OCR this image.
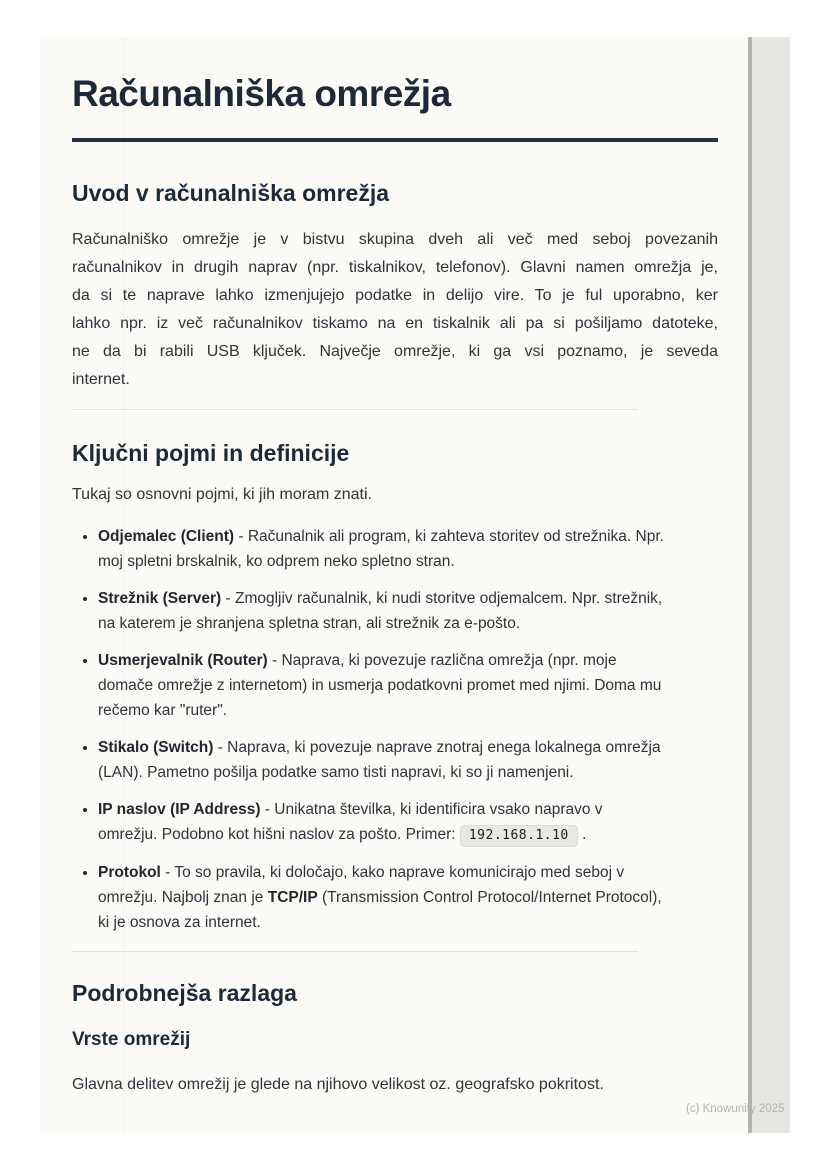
Računalniška omrežja
Uvod v računalniška omrežja

Računalniško omrežje je v bistvu skupina dveh ali več med seboj povezanih računalnikov in drugih naprav (npr. tiskalnikov, telefonov). Glavni namen omrežja je, da si te naprave lahko izmenjujejo podatke in delijo vire. To je ful uporabno, ker lahko npr. iz več računalnikov tiskamo na en tiskalnik ali pa si pošiljamo datoteke, ne da bi rabili USB ključek. Največje omrežje, ki ga vsi poznamo, je seveda internet.

Ključni pojmi in definicije

Tukaj so osnovni pojmi, ki jih moram znati.

• Odjemalec (Client) - Računalnik ali program, ki zahteva storitev od strežnika. Npr. moj spletni brskalnik, ko odprem neko spletno stran.
• Strežnik (Server) - Zmogljiv računalnik, ki nudi storitve odjemalcem. Npr. strežnik, na katerem je shranjena spletna stran, ali strežnik za e-pošto.
• Usmerjevalnik (Router) - Naprava, ki povezuje različna omrežja (npr. moje domače omrežje z internetom) in usmerja podatkovni promet med njimi. Doma mu rečemo kar "ruter".
• Stikalo (Switch) - Naprava, ki povezuje naprave znotraj enega lokalnega omrežja (LAN). Pametno pošilja podatke samo tisti napravi, ki so ji namenjeni.
• IP naslov (IP Address) - Unikatna številka, ki identificira vsako napravo v omrežju. Podobno kot hišni naslov za pošto. Primer: 192.168.1.10 .
• Protokol - To so pravila, ki določajo, kako naprave komunicirajo med seboj v omrežju. Najbolj znan je TCP/IP (Transmission Control Protocol/Internet Protocol), ki je osnova za internet.
Podrobnejša razlaga
Vrste omrežij

Glavna delitev omrežij je glede na njihovo velikost oz. geografsko pokritost.

(c) Knowunity 2025
